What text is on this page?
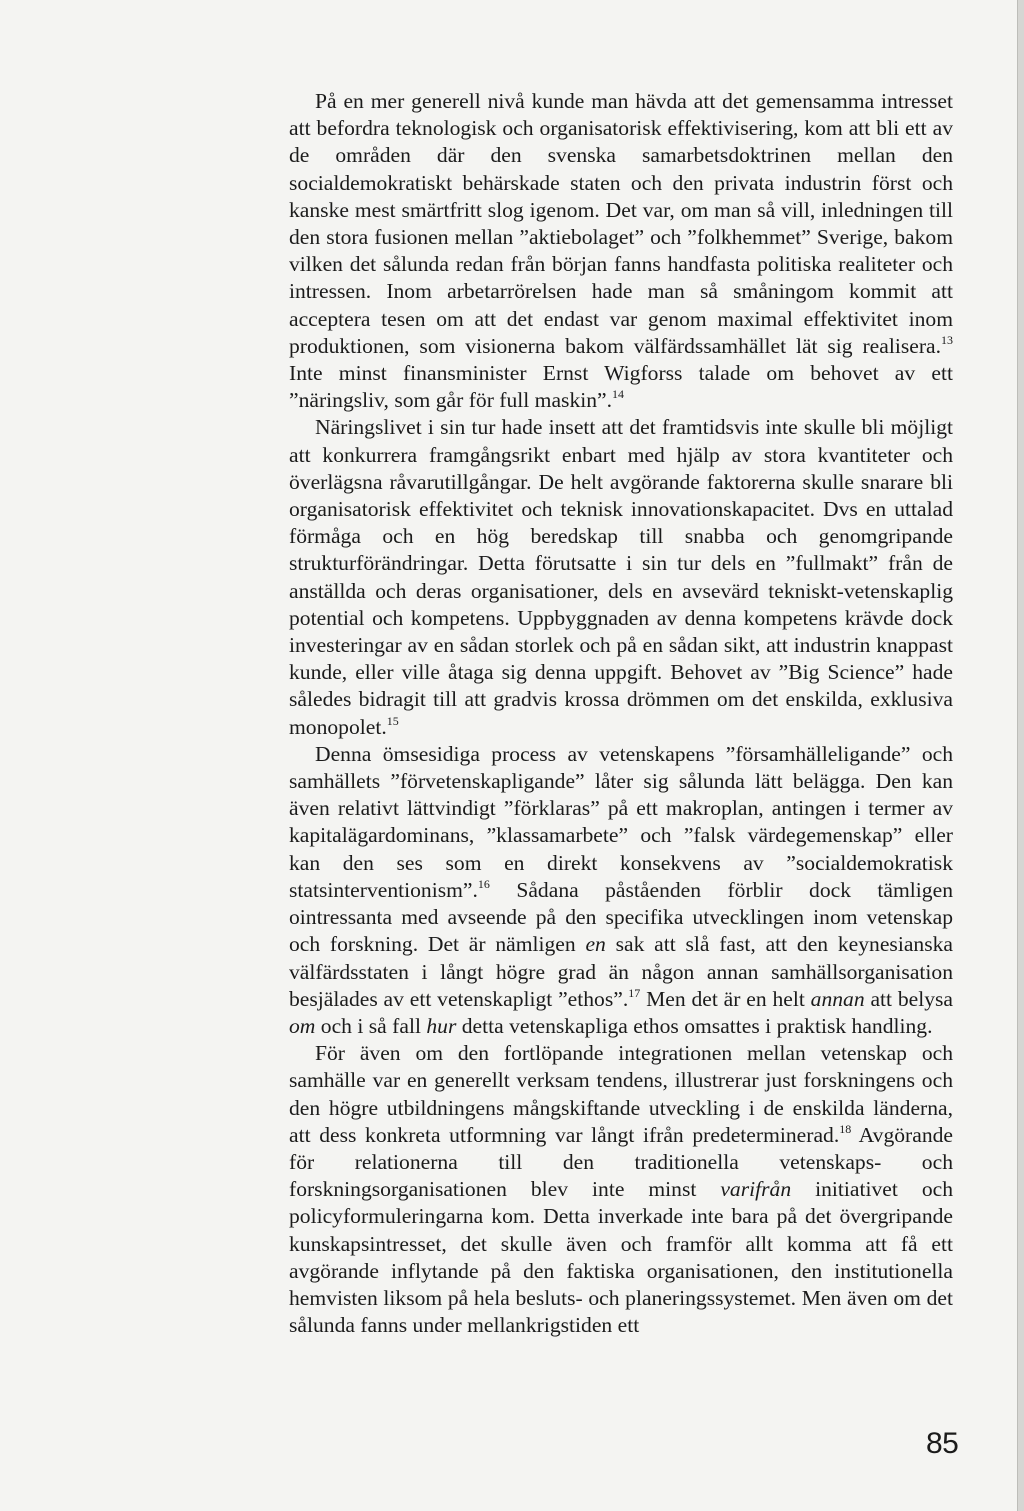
På en mer generell nivå kunde man hävda att det gemensamma intresset att befordra teknologisk och organisatorisk effektivisering, kom att bli ett av de områden där den svenska samarbetsdoktrinen mellan den socialdemokratiskt behärskade staten och den privata industrin först och kanske mest smärtfritt slog igenom. Det var, om man så vill, inledningen till den stora fusionen mellan ”aktiebolaget” och ”folkhemmet” Sverige, bakom vilken det sålunda redan från början fanns handfasta politiska realiteter och intressen. Inom arbetarrörelsen hade man så småningom kommit att acceptera tesen om att det endast var genom maximal effektivitet inom produktionen, som visionerna bakom välfärdssamhället lät sig realisera.$^{13}$ Inte minst finansminister Ernst Wigforss talade om behovet av ett ”näringsliv, som går för full maskin”.$^{14}$

Näringslivet i sin tur hade insett att det framtidsvis inte skulle bli möjligt att konkurrera framgångsrikt enbart med hjälp av stora kvantiteter och överlägsna råvarutillgångar. De helt avgörande faktorerna skulle snarare bli organisatorisk effektivitet och teknisk innovationskapacitet. Dvs en uttalad förmåga och en hög beredskap till snabba och genomgripande strukturförändringar. Detta förutsatte i sin tur dels en ”fullmakt” från de anställda och deras organisationer, dels en avsevärd tekniskt-vetenskaplig potential och kompetens. Uppbyggnaden av denna kompetens krävde dock investeringar av en sådan storlek och på en sådan sikt, att industrin knappast kunde, eller ville åtaga sig denna uppgift. Behovet av ”Big Science” hade således bidragit till att gradvis krossa drömmen om det enskilda, exklusiva monopolet.$^{15}$

Denna ömsesidiga process av vetenskapens ”församhälleligande” och samhällets ”förvetenskapligande” låter sig sålunda lätt belägga. Den kan även relativt lättvindigt ”förklaras” på ett makroplan, antingen i termer av kapitalägardominans, ”klassamarbete” och ”falsk värdegemenskap” eller kan den ses som en direkt konsekvens av ”socialdemokratisk statsinterventionism”.$^{16}$ Sådana påståenden förblir dock tämligen ointressanta med avseende på den specifika utvecklingen inom vetenskap och forskning. Det är nämligen en sak att slå fast, att den keynesianska välfärdsstaten i långt högre grad än någon annan samhällsorganisation besjälades av ett vetenskapligt ”ethos”.$^{17}$ Men det är en helt annan att belysa om och i så fall hur detta vetenskapliga ethos omsattes i praktisk handling.

För även om den fortlöpande integrationen mellan vetenskap och samhälle var en generellt verksam tendens, illustrerar just forskningens och den högre utbildningens mångskiftande utveckling i de enskilda länderna, att dess konkreta utformning var långt ifrån predeterminerad.$^{18}$ Avgörande för relationerna till den traditionella vetenskaps- och forskningsorganisationen blev inte minst varifrån initiativet och policyformuleringarna kom. Detta inverkade inte bara på det övergripande kunskapsintresset, det skulle även och framför allt komma att få ett avgörande inflytande på den faktiska organisationen, den institutionella hemvisten liksom på hela besluts- och planeringssystemet. Men även om det sålunda fanns under mellankrigstiden ett

85
